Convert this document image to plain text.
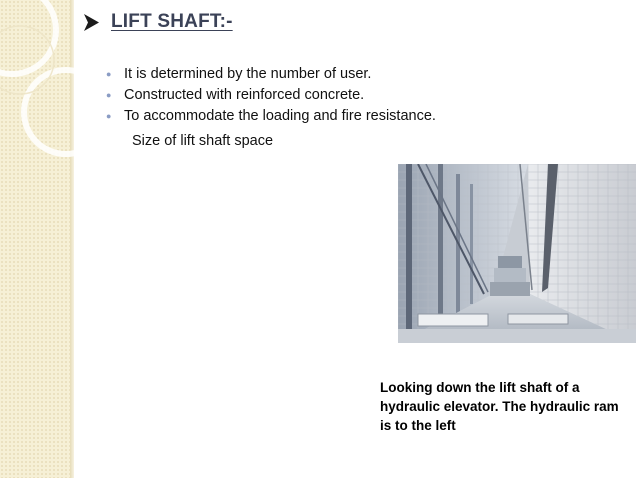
LIFT SHAFT:-
● It is determined by the number of user.
● Constructed with reinforced concrete.
● To accommodate the loading and fire resistance.
Size of lift shaft space
Looking down the lift shaft of a hydraulic elevator. The hydraulic ram is to the left
